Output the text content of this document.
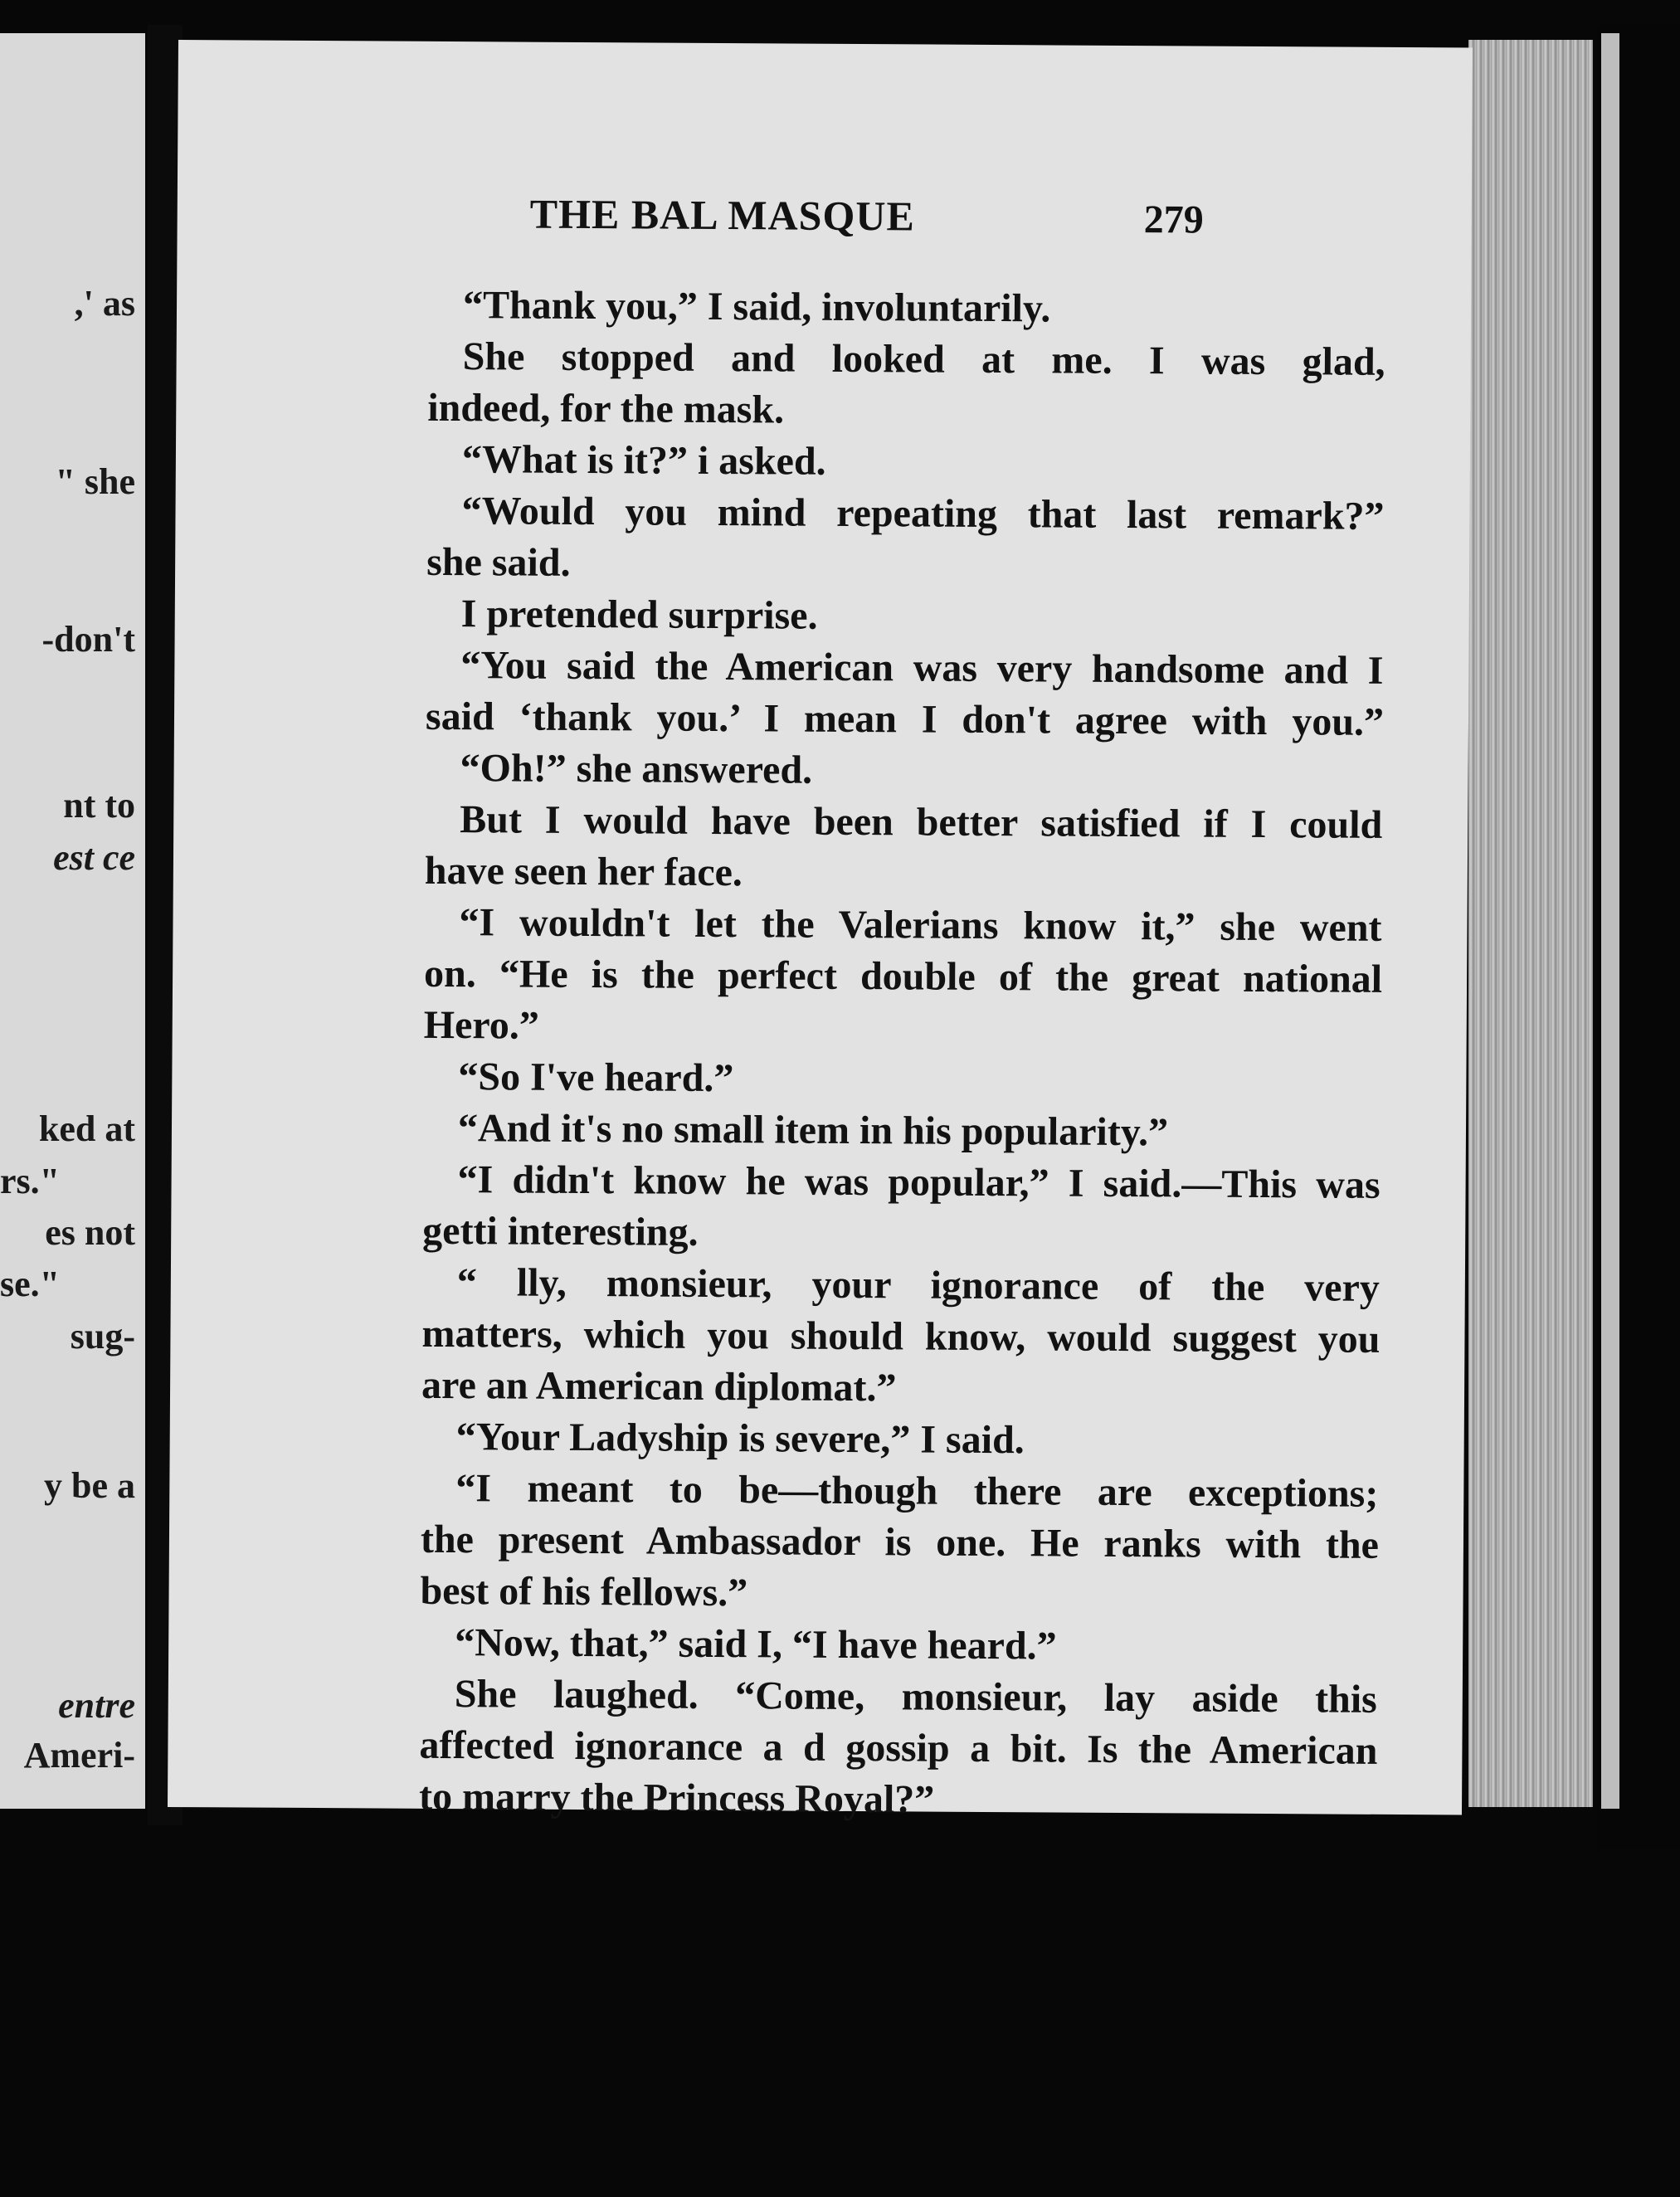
,' as
" she
-don't
nt to
est ce
ked at
rs."
es not
se."
sug-
y be a
entre
Ameri-
THE BAL MASQUE	279
“Thank you,” I said, involuntarily.
She stopped and looked at me. I was glad,
indeed, for the mask.
“What is it?” i asked.
“Would you mind repeating that last remark?”
she said.
I pretended surprise.
“You said the American was very handsome and I
said ‘thank you.’ I mean I don't agree with you.”
“Oh!” she answered.
But I would have been better satisfied if I could
have seen her face.
“I wouldn't let the Valerians know it,” she went
on. “He is the perfect double of the great national
Hero.”
“So I've heard.”
“And it's no small item in his popularity.”
“I didn't know he was popular,” I said.—This was
getti interesting.
“ lly, monsieur, your ignorance of the very
matters, which you should know, would suggest you
are an American diplomat.”
“Your Ladyship is severe,” I said.
“I meant to be—though there are exceptions;
the present Ambassador is one. He ranks with the
best of his fellows.”
“Now, that,” said I, “I have heard.”
She laughed. “Come, monsieur, lay aside this
affected ignorance a d gossip a bit. Is the American
to marry the Princess Royal?”
